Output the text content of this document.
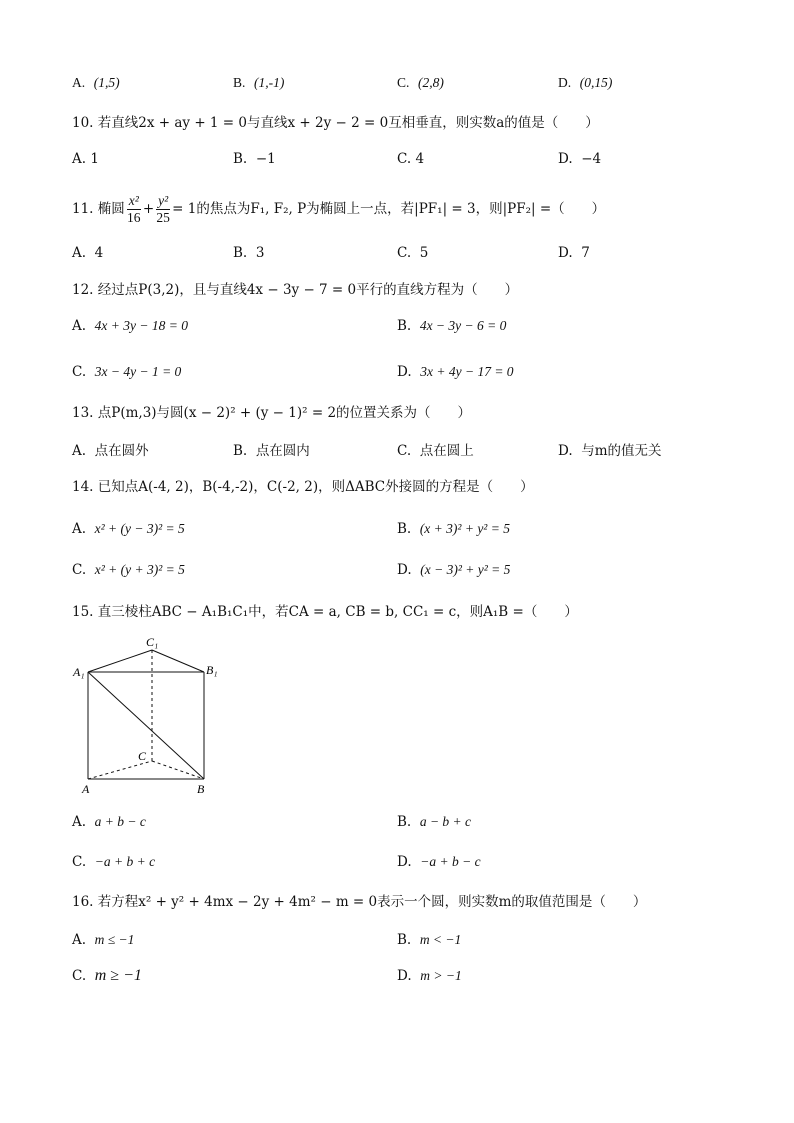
A. (1,5)	B. (1,-1)	C. (2,8)	D. (0,15)
10. 若直线2x + ay + 1 = 0与直线x + 2y − 2 = 0互相垂直，则实数a的值是（　　）
A. 1	B. −1	C. 4	D. −4
11. 椭圆 $\frac{\text{x²}}{16} + \frac{\text{y²}}{25} = 1$的焦点为F₁, F₂, P为椭圆上一点，若|PF₁| = 3，则|PF₂| =（　　）
A. 4	B. 3	C. 5	D. 7
12. 经过点P(3,2)，且与直线4x − 3y − 7 = 0平行的直线方程为（　　）
A. 4x + 3y − 18 = 0	B. 4x − 3y − 6 = 0
C. 3x − 4y − 1 = 0	D. 3x + 4y − 17 = 0
13. 点P(m,3)与圆(x − 2)² + (y − 1)² = 2的位置关系为（　　）
A. 点在圆外	B. 点在圆内	C. 点在圆上	D. 与m的值无关
14. 已知点A(-4, 2)，B(-4,-2)，C(-2, 2)，则ΔABC外接圆的方程是（　　）
A. x² + (y − 3)² = 5	B. (x + 3)² + y² = 5
C. x² + (y + 3)² = 5	D. (x − 3)² + y² = 5
15. 直三棱柱ABC − A₁B₁C₁中，若CA = a, CB = b, CC₁ = c，则A₁B =（　　）
A₁
C₁
B₁
C
A	B
A. a + b − c	B. a − b + c
C. −a + b + c	D. −a + b − c
16. 若方程x² + y² + 4mx − 2y + 4m² − m = 0表示一个圆，则实数m的取值范围是（　　）
A. m ≤ −1	B. m < −1
C. m ≥ −1	D. m > −1
